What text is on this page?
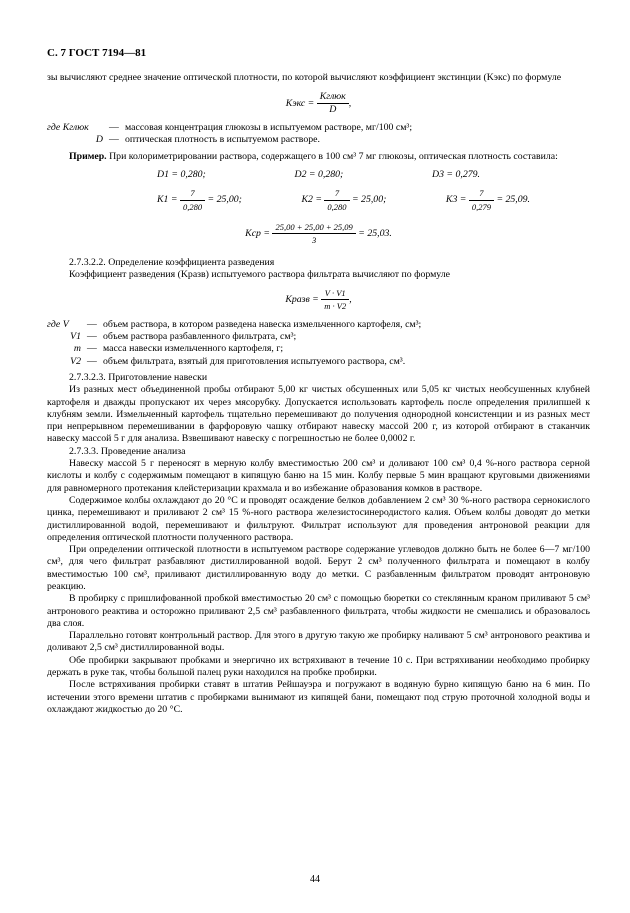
С. 7 ГОСТ 7194—81

зы вычисляют среднее значение оптической плотности, по которой вычисляют коэффициент экстинции (Kэкс) по формуле

Kэкс = $\frac{\text{Kглюк}}{D}$ ,
где Kглюк	— массовая концентрация глюкозы в испытуемом растворе, мг/100 см³;
D — оптическая плотность в испытуемом растворе.

Пример. При колориметрировании раствора, содержащего в 100 см³ 7 мг глюкозы, оптическая плотность составила:

D1 = 0,280;	D2 = 0,280;	D3 = 0,279.
$K1 = \frac{7}{0,280} = 25,00$;	$K2 = \frac{7}{0,280} = 25,00$;	$K3 = \frac{7}{0,279} = 25,09$.
Kср = $\frac{25,00 + 25,00 + 25,09}{3} = 25,03$.

2.7.3.2.2. Определение коэффициента разведения

Коэффициент разведения (Kразв) испытуемого раствора фильтрата вычисляют по формуле

Kразв = $\frac{V \cdot V1}{m \cdot V2}$ ,
где V	— объем раствора, в котором разведена навеска измельченного картофеля, см³;
V1 — объем раствора разбавленного фильтрата, см³;
m — масса навески измельченного картофеля, г;
V2 — объем фильтрата, взятый для приготовления испытуемого раствора, см³.

2.7.3.2.3. Приготовление навески

Из разных мест объединенной пробы отбирают 5,00 кг чистых обсушенных или 5,05 кг чистых необсушенных клубней картофеля и дважды пропускают их через мясорубку. Допускается использовать картофель после определения прилипшей к клубням земли. Измельченный картофель тщательно перемешивают до получения однородной консистенции и из разных мест при непрерывном перемешивании в фарфоровую чашку отбирают навеску массой 200 г, из которой отбирают в стаканчик навеску массой 5 г для анализа. Взвешивают навеску с погрешностью не более 0,0002 г.

2.7.3.3. Проведение анализа

Навеску массой 5 г переносят в мерную колбу вместимостью 200 см³ и доливают 100 см³ 0,4 %-ного раствора серной кислоты и колбу с содержимым помещают в кипящую баню на 15 мин. Колбу первые 5 мин вращают круговыми движениями для равномерного протекания клейстеризации крахмала и во избежание образования комков в растворе.

Содержимое колбы охлаждают до 20 °С и проводят осаждение белков добавлением 2 см³ 30 %-ного раствора сернокислого цинка, перемешивают и приливают 2 см³ 15 %-ного раствора железистосинеродистого калия. Объем колбы доводят до метки дистиллированной водой, перемешивают и фильтруют. Фильтрат используют для проведения антроновой реакции для определения оптической плотности полученного раствора.

При определении оптической плотности в испытуемом растворе содержание углеводов должно быть не более 6—7 мг/100 см³, для чего фильтрат разбавляют дистиллированной водой. Берут 2 см³ полученного фильтрата и помещают в колбу вместимостью 100 см³, приливают дистиллированную воду до метки. С разбавленным фильтратом проводят антроновую реакцию.

В пробирку с пришлифованной пробкой вместимостью 20 см³ с помощью бюретки со стеклянным краном приливают 5 см³ антронового реактива и осторожно приливают 2,5 см³ разбавленного фильтрата, чтобы жидкости не смешались и образовалось два слоя.

Параллельно готовят контрольный раствор. Для этого в другую такую же пробирку наливают 5 см³ антронового реактива и доливают 2,5 см³ дистиллированной воды.

Обе пробирки закрывают пробками и энергично их встряхивают в течение 10 с. При встряхивании необходимо пробирку держать в руке так, чтобы большой палец руки находился на пробке пробирки.

После встряхивания пробирки ставят в штатив Рейшауэра и погружают в водяную бурно кипящую баню на 6 мин. По истечении этого времени штатив с пробирками вынимают из кипящей бани, помещают под струю проточной холодной воды и охлаждают жидкостью до 20 °С.

44
